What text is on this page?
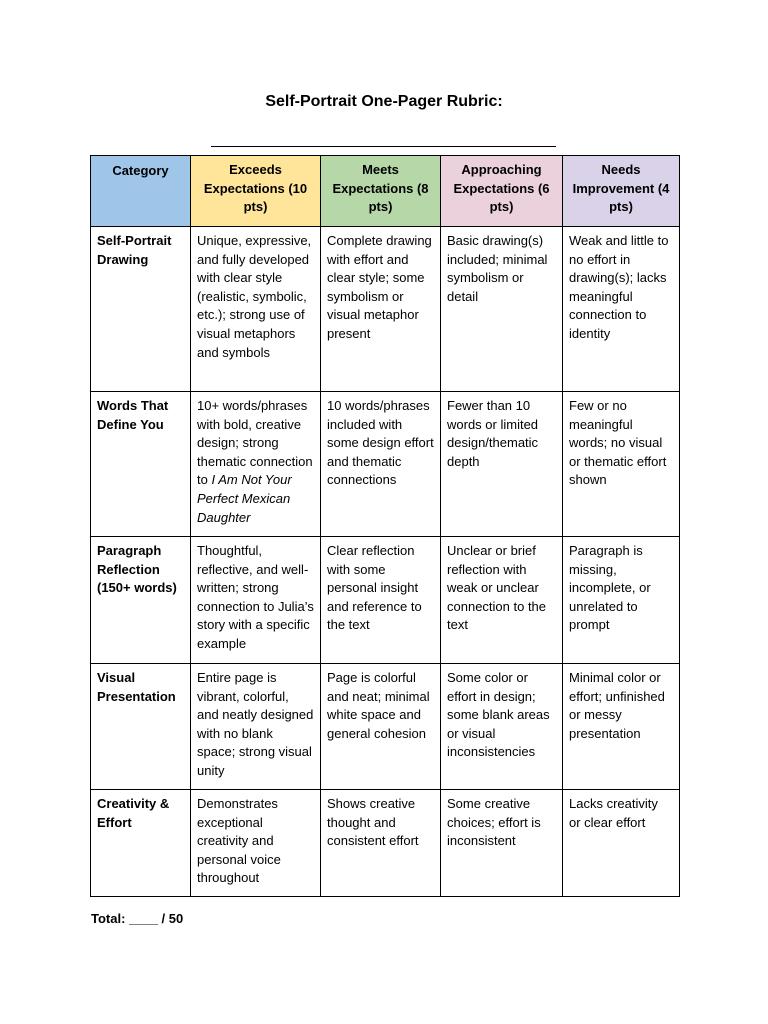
Self-Portrait One-Pager Rubric:
Category	Exceeds Expectations (10 pts)	Meets Expectations (8 pts)	Approaching Expectations (6 pts)	Needs Improvement (4 pts)
Self-Portrait Drawing	Unique, expressive, and fully developed with clear style (realistic, symbolic, etc.); strong use of visual metaphors and symbols	Complete drawing with effort and clear style; some symbolism or visual metaphor present	Basic drawing(s) included; minimal symbolism or detail	Weak and little to no effort in drawing(s); lacks meaningful connection to identity
Words That Define You	10+ words/phrases with bold, creative design; strong thematic connection to I Am Not Your Perfect Mexican Daughter	10 words/phrases included with some design effort and thematic connections	Fewer than 10 words or limited design/thematic depth	Few or no meaningful words; no visual or thematic effort shown
Paragraph Reflection (150+ words)	Thoughtful, reflective, and well-written; strong connection to Julia’s story with a specific example	Clear reflection with some personal insight and reference to the text	Unclear or brief reflection with weak or unclear connection to the text	Paragraph is missing, incomplete, or unrelated to prompt
Visual Presentation	Entire page is vibrant, colorful, and neatly designed with no blank space; strong visual unity	Page is colorful and neat; minimal white space and general cohesion	Some color or effort in design; some blank areas or visual inconsistencies	Minimal color or effort; unfinished or messy presentation
Creativity & Effort	Demonstrates exceptional creativity and personal voice throughout	Shows creative thought and consistent effort	Some creative choices; effort is inconsistent	Lacks creativity or clear effort
Total: ____ / 50
